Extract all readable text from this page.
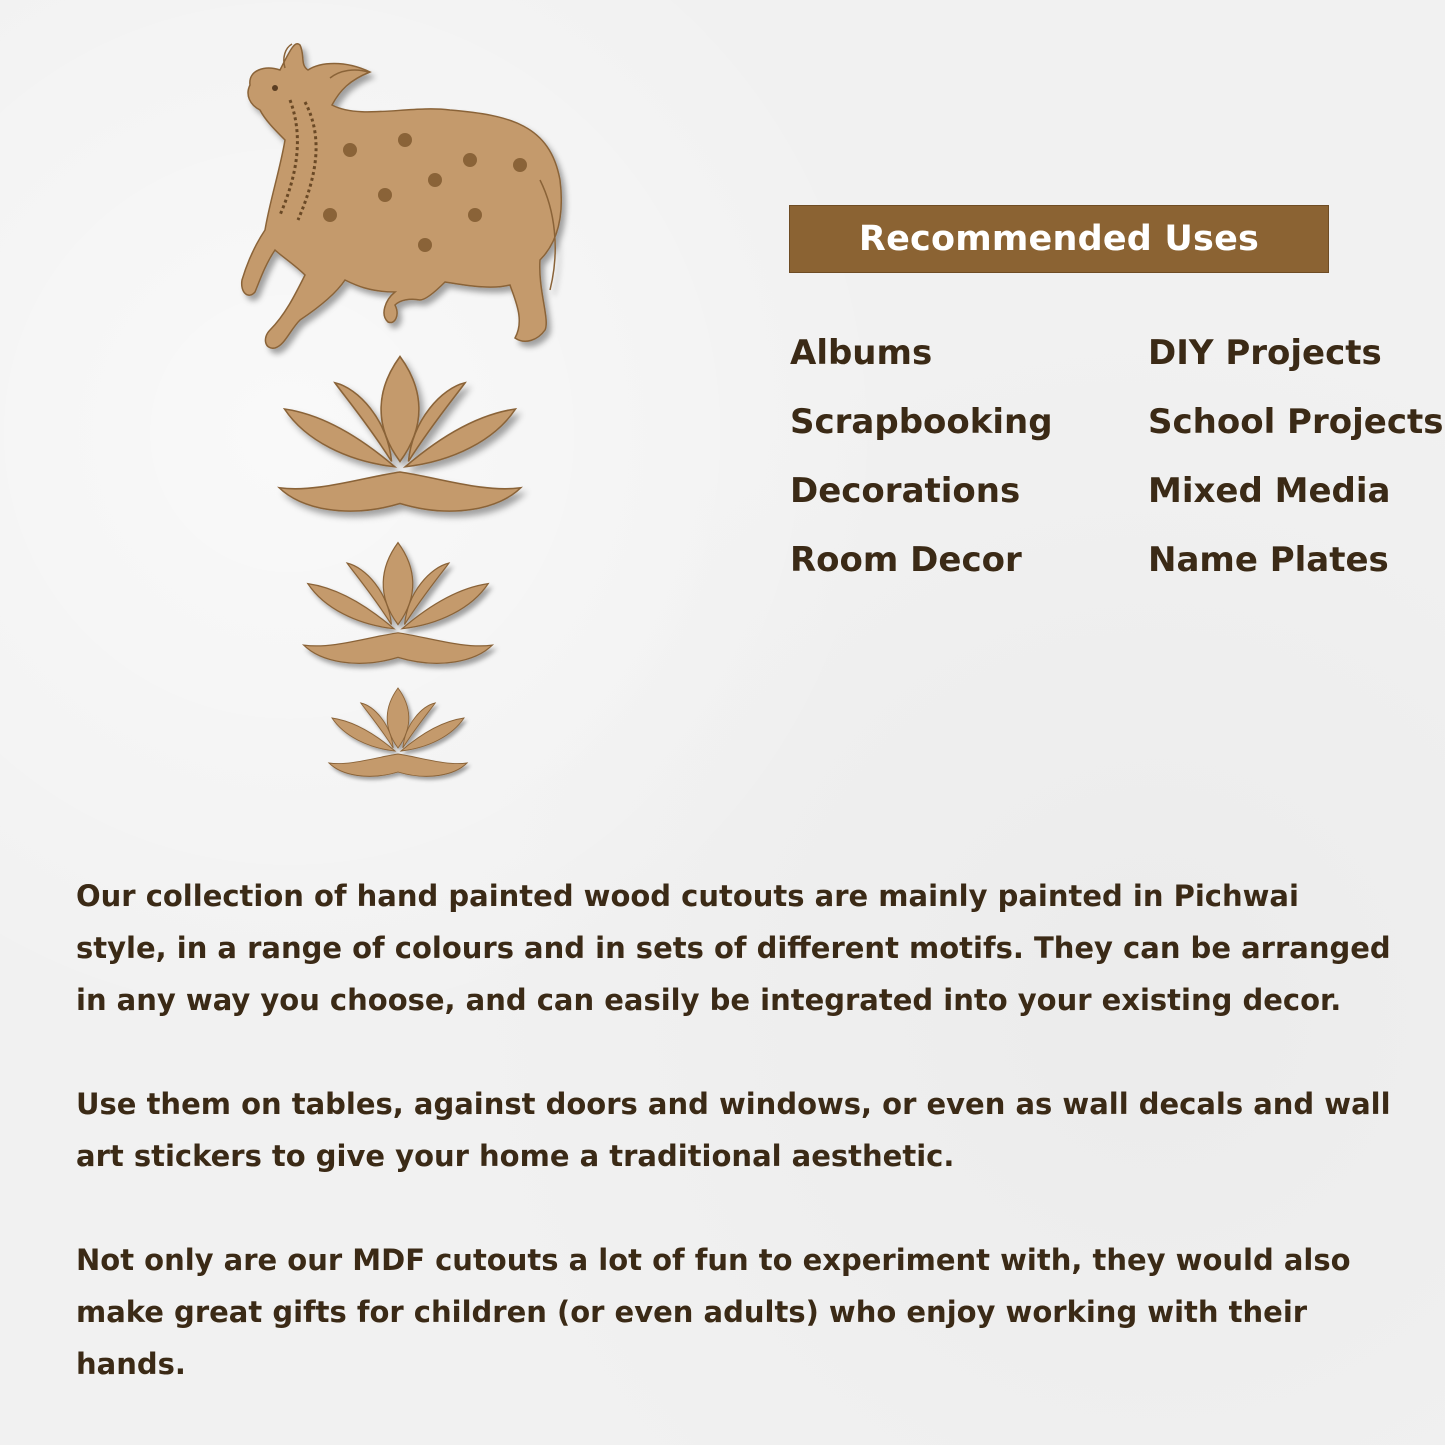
Recommended Uses
Albums
Scrapbooking
Decorations
Room Decor
DIY Projects
School Projects
Mixed Media
Name Plates

Our collection of hand painted wood cutouts are mainly painted in Pichwai style, in a range of colours and in sets of different motifs. They can be arranged in any way you choose, and can easily be integrated into your existing decor.

Use them on tables, against doors and windows, or even as wall decals and wall art stickers to give your home a traditional aesthetic.

Not only are our MDF cutouts a lot of fun to experiment with, they would also make great gifts for children (or even adults) who enjoy working with their hands.
